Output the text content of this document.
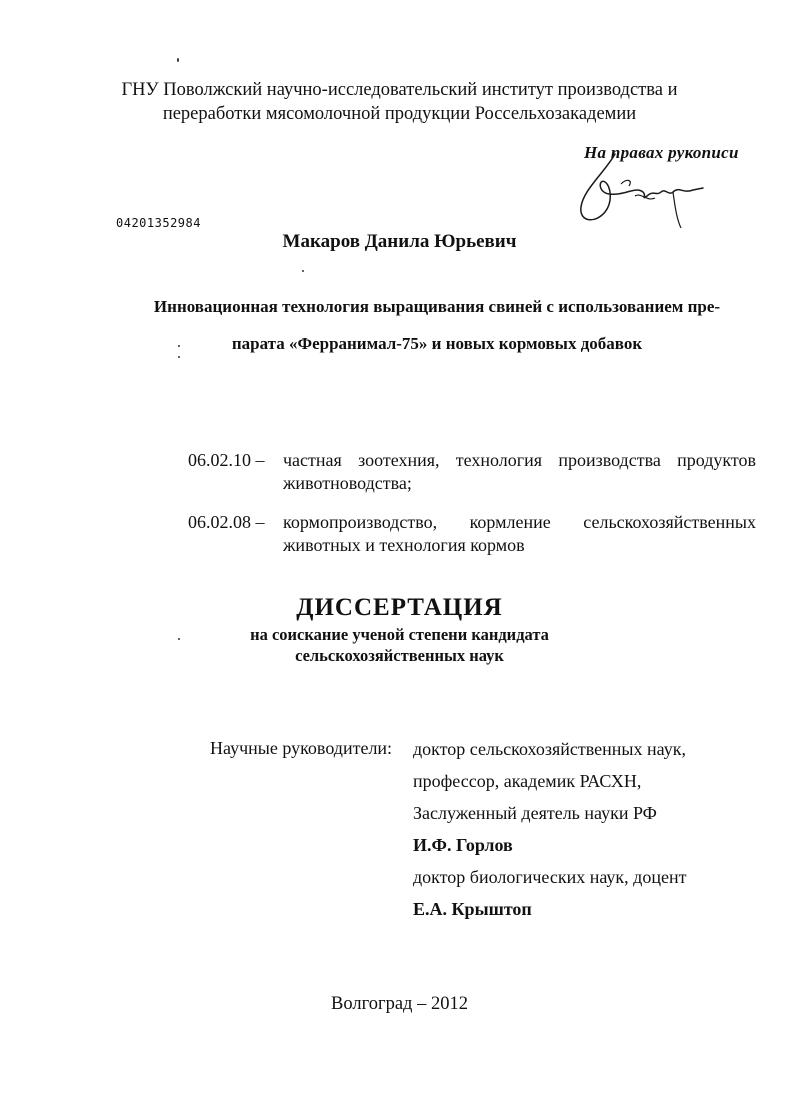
ГНУ Поволжский научно-исследовательский институт производства и
переработки мясомолочной продукции Россельхозакадемии
На правах рукописи
04201352984
Макаров Данила Юрьевич
Инновационная технология выращивания свиней с использованием пре-
парата «Ферранимал-75» и новых кормовых добавок
06.02.10 – частная зоотехния, технология производства продуктов
животноводства;
06.02.08 – кормопроизводство, кормление сельскохозяйственных
животных и технология кормов
ДИССЕРТАЦИЯ
на соискание ученой степени кандидата
сельскохозяйственных наук
Научные руководители: доктор сельскохозяйственных наук,
профессор, академик РАСХН,
Заслуженный деятель науки РФ
И.Ф. Горлов
доктор биологических наук, доцент
Е.А. Крыштоп
Волгоград – 2012
